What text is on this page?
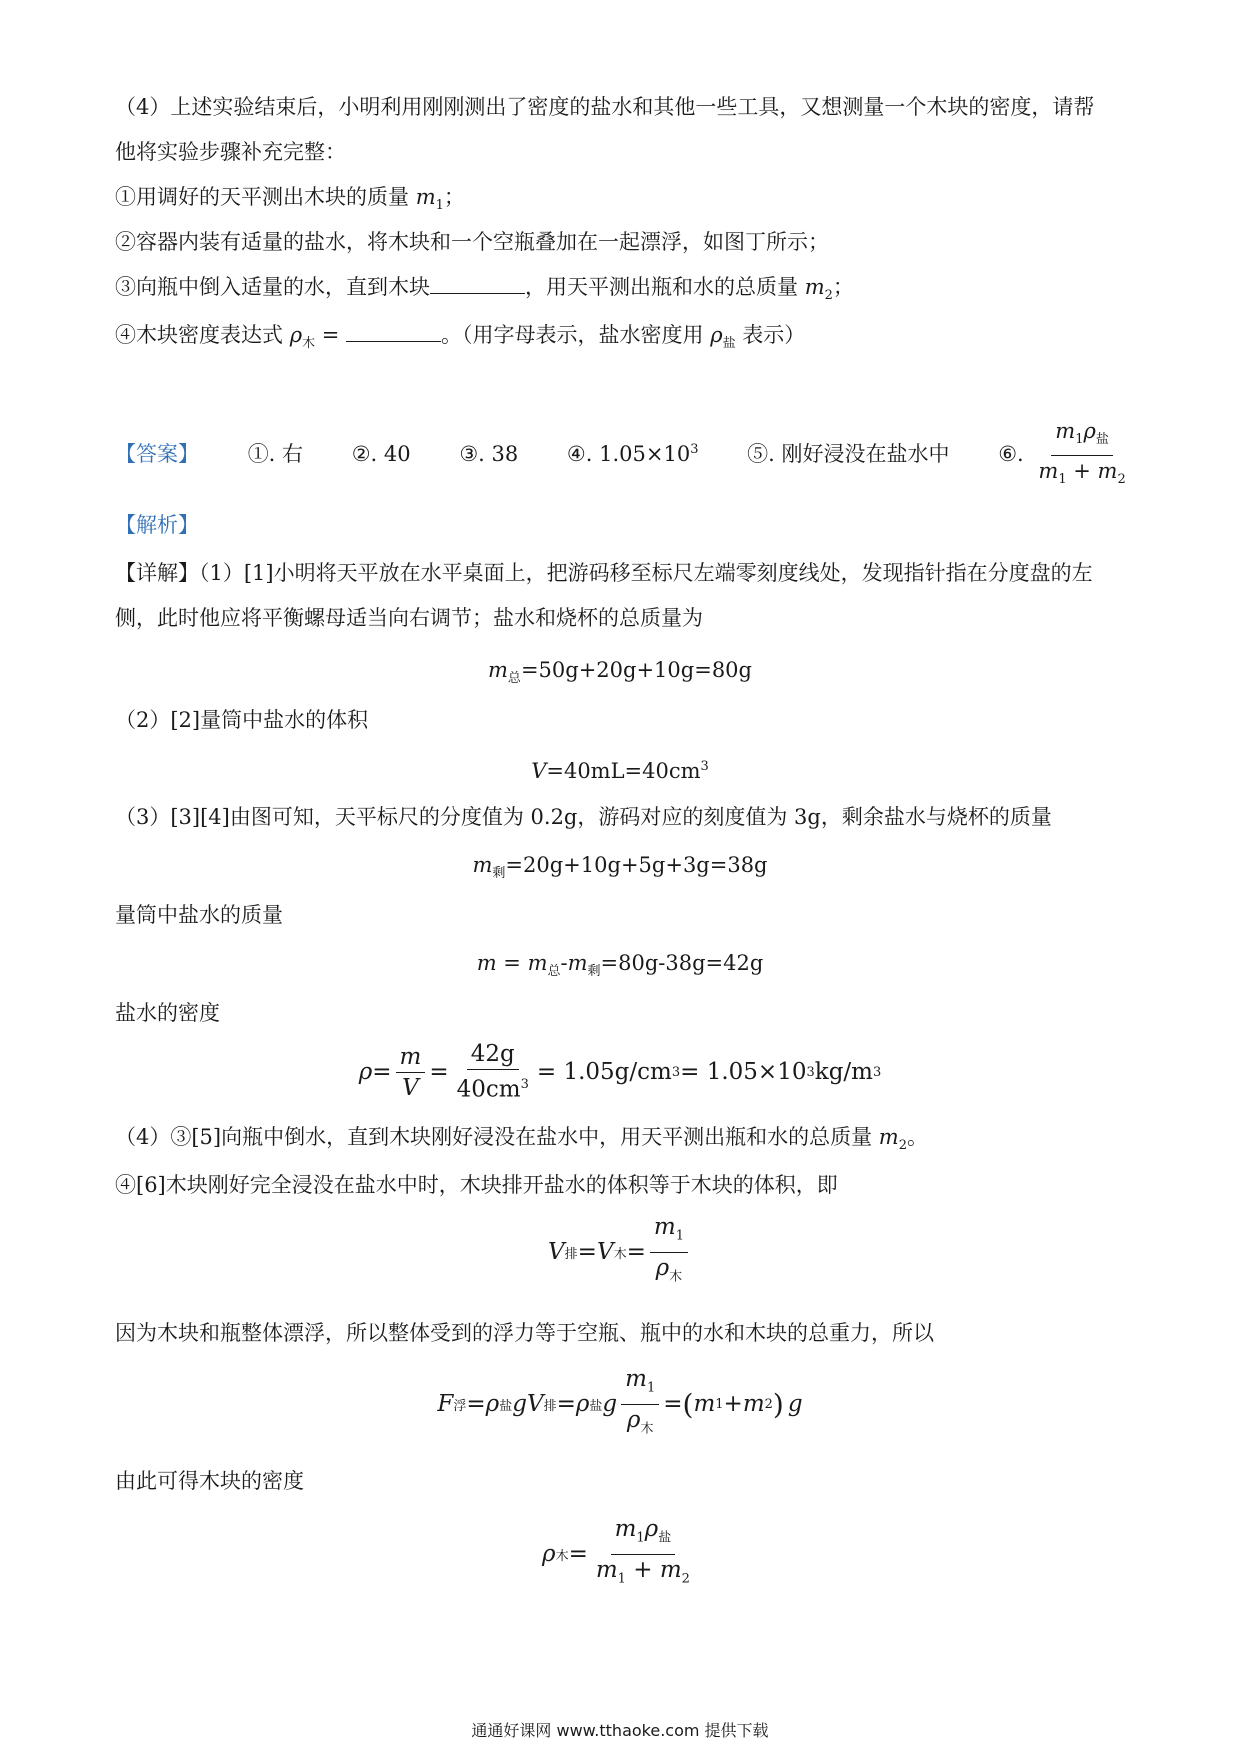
（4）上述实验结束后，小明利用刚刚测出了密度的盐水和其他一些工具，又想测量一个木块的密度，请帮
他将实验步骤补充完整：
①用调好的天平测出木块的质量 $m_1$；
②容器内装有适量的盐水，将木块和一个空瓶叠加在一起漂浮，如图丁所示；
③向瓶中倒入适量的水，直到木块	，用天平测出瓶和水的总质量 $m_2$；
④木块密度表达式 $\rho_木$ =	。（用字母表示，盐水密度用 $\rho_盐$ 表示）
【答案】 ①. 右 ②. 40 ③. 38 ④. $1.05\times 10^3$ ⑤. 刚好浸没在盐水中 ⑥. $\frac{m_1\rho_盐}{m_1 + m_2}$
【解析】
【详解】（1）[1]小明将天平放在水平桌面上，把游码移至标尺左端零刻度线处，发现指针指在分度盘的左
侧，此时他应将平衡螺母适当向右调节；盐水和烧杯的总质量为
$m_总=50g+20g+10g=80g$
（2）[2]量筒中盐水的体积
$V=40mL=40cm^3$
（3）[3][4]由图可知，天平标尺的分度值为 0.2g，游码对应的刻度值为 3g，剩余盐水与烧杯的质量
$m_剩=20g+10g+5g+3g=38g$
量筒中盐水的质量
$m = m_总-m_剩=80g-38g=42g$
盐水的密度
$\rho = \frac{m}{V} = \frac{42g}{40cm^3} = 1.05g/cm$ 3 = 1.05×10 3 kg/m 3
（4）③[5]向瓶中倒水，直到木块刚好浸没在盐水中，用天平测出瓶和水的总质量 $m_2$。
④[6]木块刚好完全浸没在盐水中时，木块排开盐水的体积等于木块的体积，即
V 排 = V 木 = $\frac{m_1}{\rho_木}$
因为木块和瓶整体漂浮，所以整体受到的浮力等于空瓶、瓶中的水和木块的总重力，所以
F 浮 = ρ 盐 g V 排 = ρ 盐 g $\frac{m_1}{\rho_木}$ = ( m 1 + m 2 ) g
由此可得木块的密度
ρ 木 = $\frac{m_1\rho_盐}{m_1 + m_2}$
通通好课网 www.tthaoke.com 提供下载
